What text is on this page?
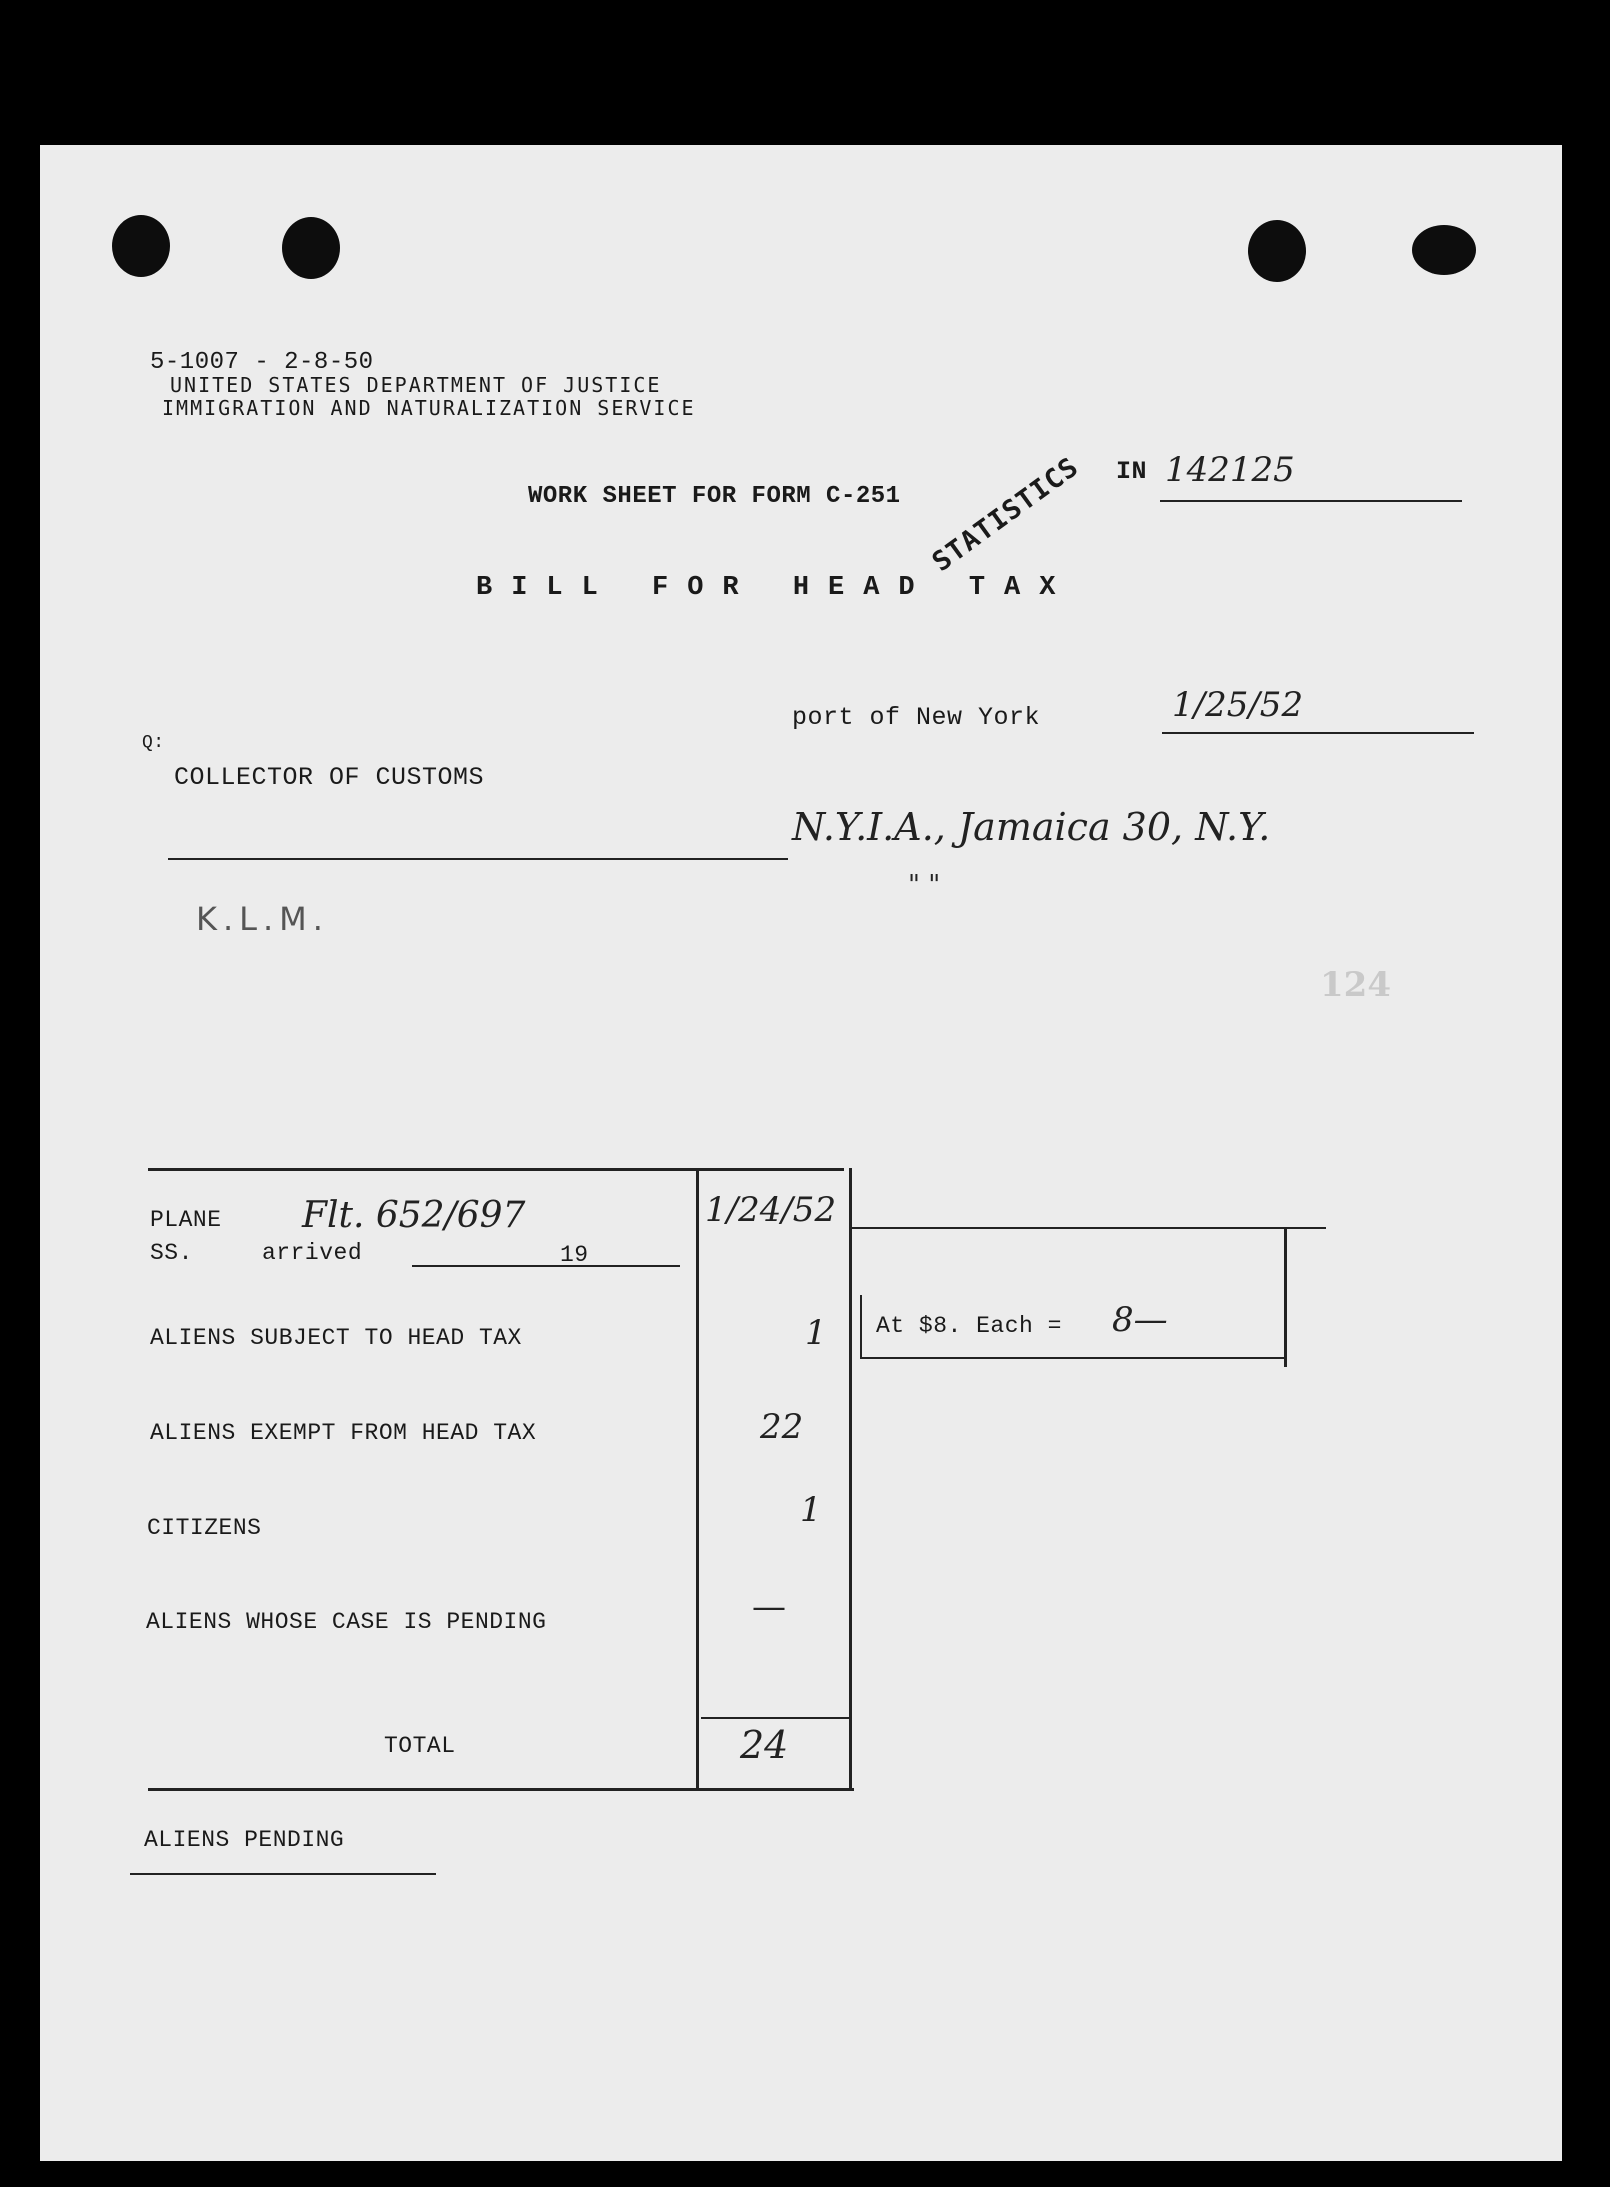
5-1007 - 2-8-50
UNITED STATES DEPARTMENT OF JUSTICE
IMMIGRATION AND NATURALIZATION SERVICE
WORK SHEET FOR FORM C-251
BILL FOR HEAD TAX
STATISTICS IN 142125
port of New York	1/25/52
Q:
COLLECTOR OF CUSTOMS
N.Y.I.A., Jamaica 30, N.Y.
" "
K.L.M.
124
PLANE
SS.	arrived	19
Flt. 652/697	1/24/52
ALIENS SUBJECT TO HEAD TAX	1
ALIENS EXEMPT FROM HEAD TAX	22
CITIZENS	1
ALIENS WHOSE CASE IS PENDING	—
TOTAL	24
At $8. Each = 8—
ALIENS PENDING
